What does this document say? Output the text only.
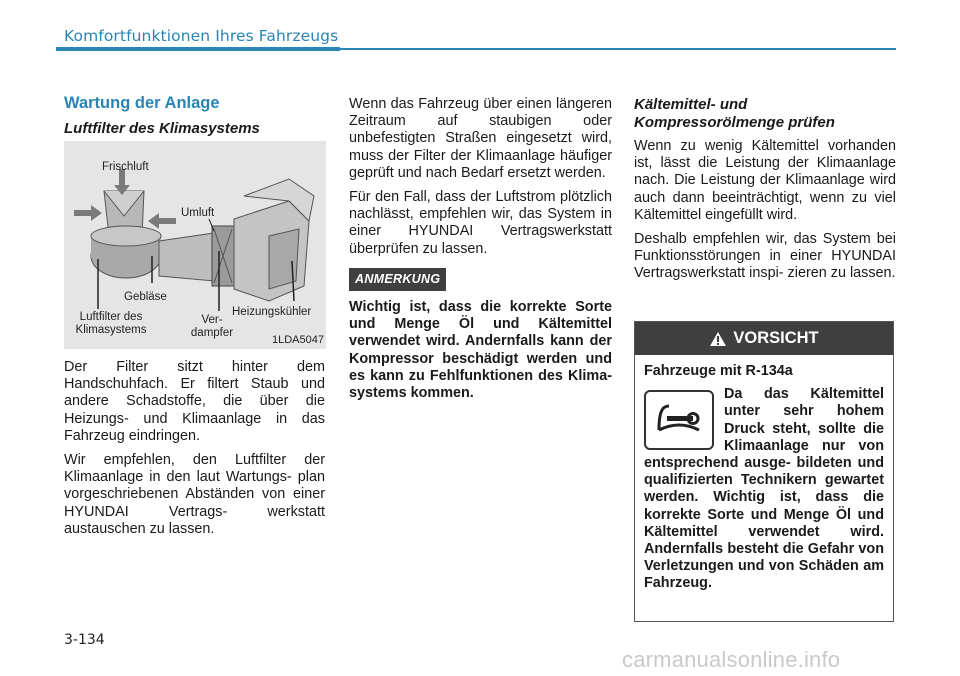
Komfortfunktionen Ihres Fahrzeugs
Wartung der Anlage
Luftfilter des Klimasystems
Frischluft
Umluft
Gebläse
Luftfilter des Klimasystems
Ver- dampfer
Heizungskühler
1LDA5047

Der Filter sitzt hinter dem Handschuhfach. Er filtert Staub und andere Schadstoffe, die über die Heizungs- und Klimaanlage in das Fahrzeug eindringen.

Wir empfehlen, den Luftfilter der Klimaanlage in den laut Wartungs- plan vorgeschriebenen Abständen von einer HYUNDAI Vertrags- werkstatt austauschen zu lassen.

Wenn das Fahrzeug über einen längeren Zeitraum auf staubigen oder unbefestigten Straßen eingesetzt wird, muss der Filter der Klimaanlage häufiger geprüft und nach Bedarf ersetzt werden.

Für den Fall, dass der Luftstrom plötzlich nachlässt, empfehlen wir, das System in einer HYUNDAI Vertragswerkstatt überprüfen zu lassen.

ANMERKUNG
Wichtig ist, dass die korrekte Sorte und Menge Öl und Kältemittel verwendet wird. Andernfalls kann der Kompressor beschädigt werden und es kann zu Fehlfunktionen des Klima- systems kommen.
Kältemittel- und Kompressorölmenge prüfen

Wenn zu wenig Kältemittel vorhanden ist, lässt die Leistung der Klimaanlage nach. Die Leistung der Klimaanlage wird auch dann beeinträchtigt, wenn zu viel Kältemittel eingefüllt wird.

Deshalb empfehlen wir, das System bei Funktionsstörungen in einer HYUNDAI Vertragswerkstatt inspi- zieren zu lassen.

VORSICHT
Fahrzeuge mit R-134a
Da das Kältemittel unter sehr hohem Druck steht, sollte die Klimaanlage nur von entsprechend ausge- bildeten und qualifizierten Technikern gewartet werden. Wichtig ist, dass die korrekte Sorte und Menge Öl und Kältemittel verwendet wird. Andernfalls besteht die Gefahr von Verletzungen und von Schäden am Fahrzeug.
3-134
carmanualsonline.info
